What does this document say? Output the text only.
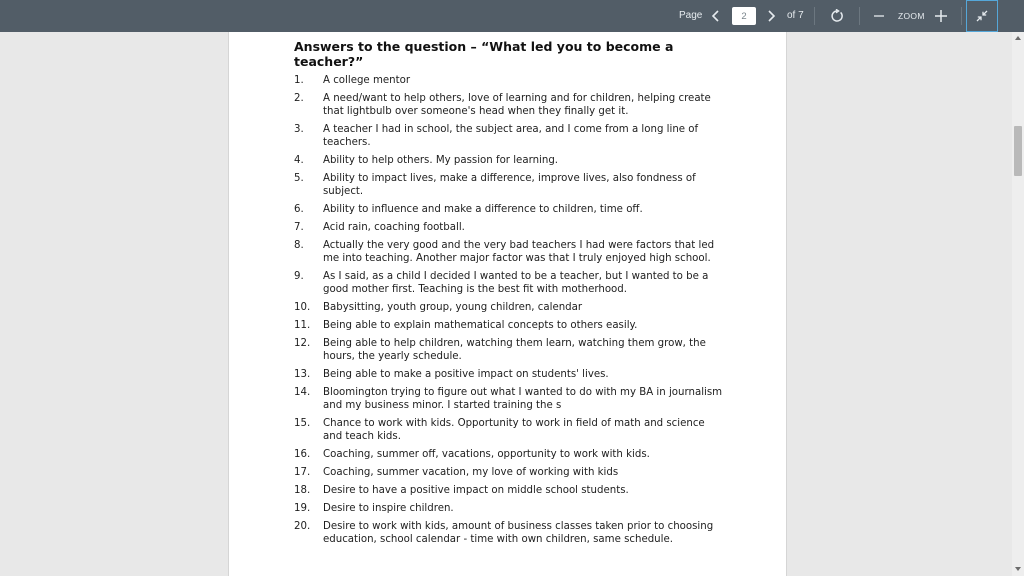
Page
2	of 7	ZOOM
Answers to the question – “What led you to become a teacher?”
1.	A college mentor
2.	A need/want to help others, love of learning and for children, helping create that lightbulb over someone's head when they finally get it.
3.	A teacher I had in school, the subject area, and I come from a long line of teachers.
4.	Ability to help others. My passion for learning.
5.	Ability to impact lives, make a difference, improve lives, also fondness of subject.
6.	Ability to influence and make a difference to children, time off.
7.	Acid rain, coaching football.
8.	Actually the very good and the very bad teachers I had were factors that led me into teaching. Another major factor was that I truly enjoyed high school.
9.	As I said, as a child I decided I wanted to be a teacher, but I wanted to be a good mother first. Teaching is the best fit with motherhood.
10.	Babysitting, youth group, young children, calendar
11.	Being able to explain mathematical concepts to others easily.
12.	Being able to help children, watching them learn, watching them grow, the hours, the yearly schedule.
13.	Being able to make a positive impact on students' lives.
14.	Bloomington trying to figure out what I wanted to do with my BA in journalism and my business minor. I started training the s
15.	Chance to work with kids. Opportunity to work in field of math and science and teach kids.
16.	Coaching, summer off, vacations, opportunity to work with kids.
17.	Coaching, summer vacation, my love of working with kids
18.	Desire to have a positive impact on middle school students.
19.	Desire to inspire children.
20.	Desire to work with kids, amount of business classes taken prior to choosing education, school calendar - time with own children, same schedule.
